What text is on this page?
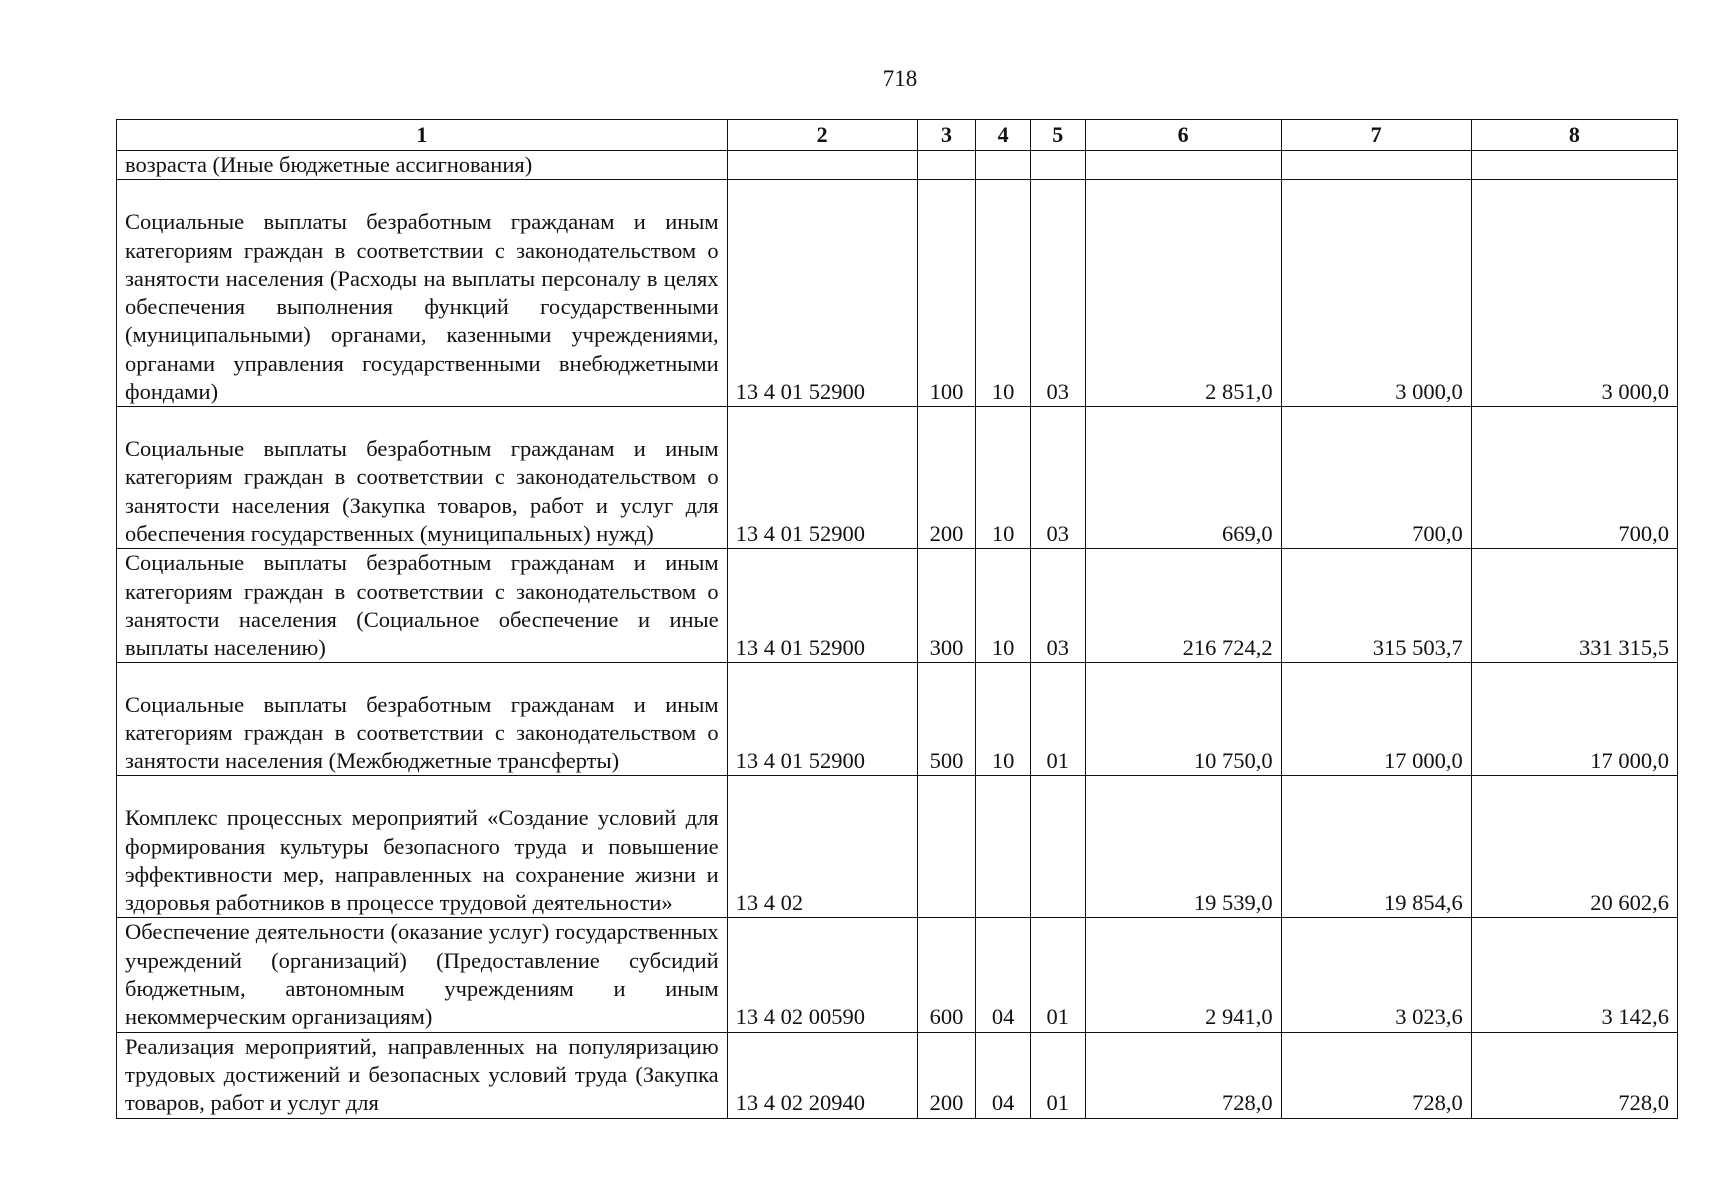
718
1	2	3	4	5	6	7	8

возраста (Иные бюджетные ассигнования)							

Социальные выплаты безработным гражданам и иным категориям граждан в соответствии с законодательством о занятости населения (Расходы на выплаты персоналу в целях обеспечения выполнения функций государственными (муниципальными) органами, казенными учреждениями, органами управления государственными внебюджетными фондами)	13 4 01 52900	100	10	03	2 851,0	3 000,0	3 000,0

Социальные выплаты безработным гражданам и иным категориям граждан в соответствии с законодательством о занятости населения (Закупка товаров, работ и услуг для обеспечения государственных (муниципальных) нужд)	13 4 01 52900	200	10	03	669,0	700,0	700,0

Социальные выплаты безработным гражданам и иным категориям граждан в соответствии с законодательством о занятости населения (Социальное обеспечение и иные выплаты населению)	13 4 01 52900	300	10	03	216 724,2	315 503,7	331 315,5

Социальные выплаты безработным гражданам и иным категориям граждан в соответствии с законодательством о занятости населения (Межбюджетные трансферты)	13 4 01 52900	500	10	01	10 750,0	17 000,0	17 000,0

Комплекс процессных мероприятий «Создание условий для формирования культуры безопасного труда и повышение эффективности мер, направленных на сохранение жизни и здоровья работников в процессе трудовой деятельности»	13 4 02				19 539,0	19 854,6	20 602,6

Обеспечение деятельности (оказание услуг) государственных учреждений (организаций) (Предоставление субсидий бюджетным, автономным учреждениям и иным некоммерческим организациям)	13 4 02 00590	600	04	01	2 941,0	3 023,6	3 142,6

Реализация мероприятий, направленных на популяризацию трудовых достижений и безопасных условий труда (Закупка товаров, работ и услуг для	13 4 02 20940	200	04	01	728,0	728,0	728,0
